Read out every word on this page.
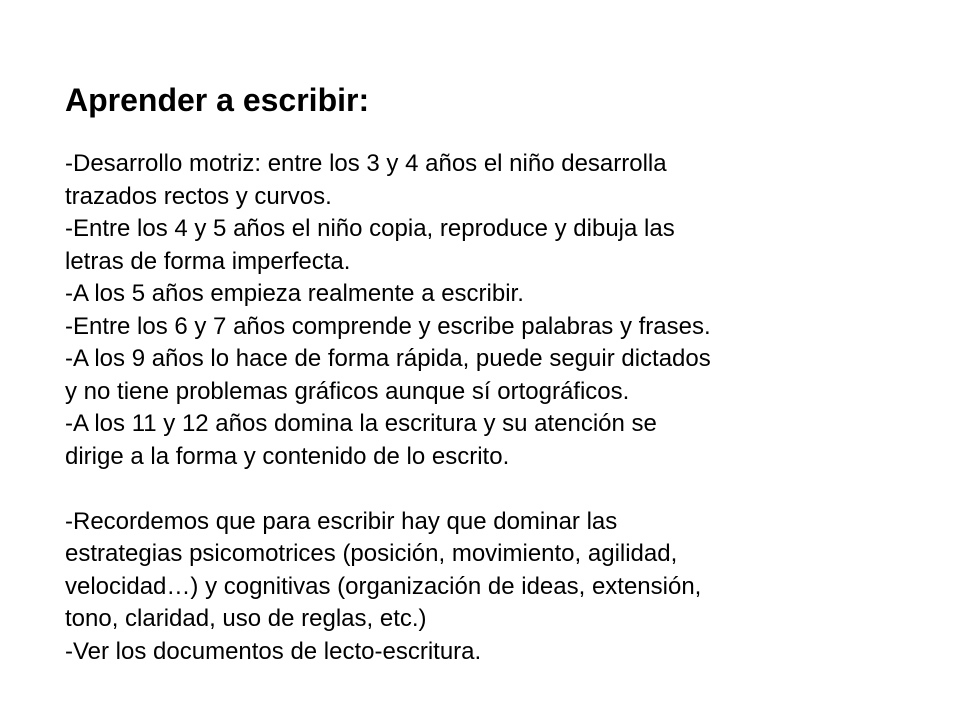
Aprender a escribir:
-Desarrollo motriz: entre los 3 y 4 años el niño desarrolla
trazados rectos y curvos.
-Entre los 4 y 5 años el niño copia, reproduce y dibuja las
letras de forma imperfecta.
-A los 5 años empieza realmente a escribir.
-Entre los 6 y 7 años comprende y escribe palabras y frases.
-A los 9 años lo hace de forma rápida, puede seguir dictados
y no tiene problemas gráficos aunque sí ortográficos.
-A los 11 y 12 años domina la escritura y su atención se
dirige a la forma y contenido de lo escrito.
-Recordemos que para escribir hay que dominar las
estrategias psicomotrices (posición, movimiento, agilidad,
velocidad…) y cognitivas (organización de ideas, extensión,
tono, claridad, uso de reglas, etc.)
-Ver los documentos de lecto-escritura.
